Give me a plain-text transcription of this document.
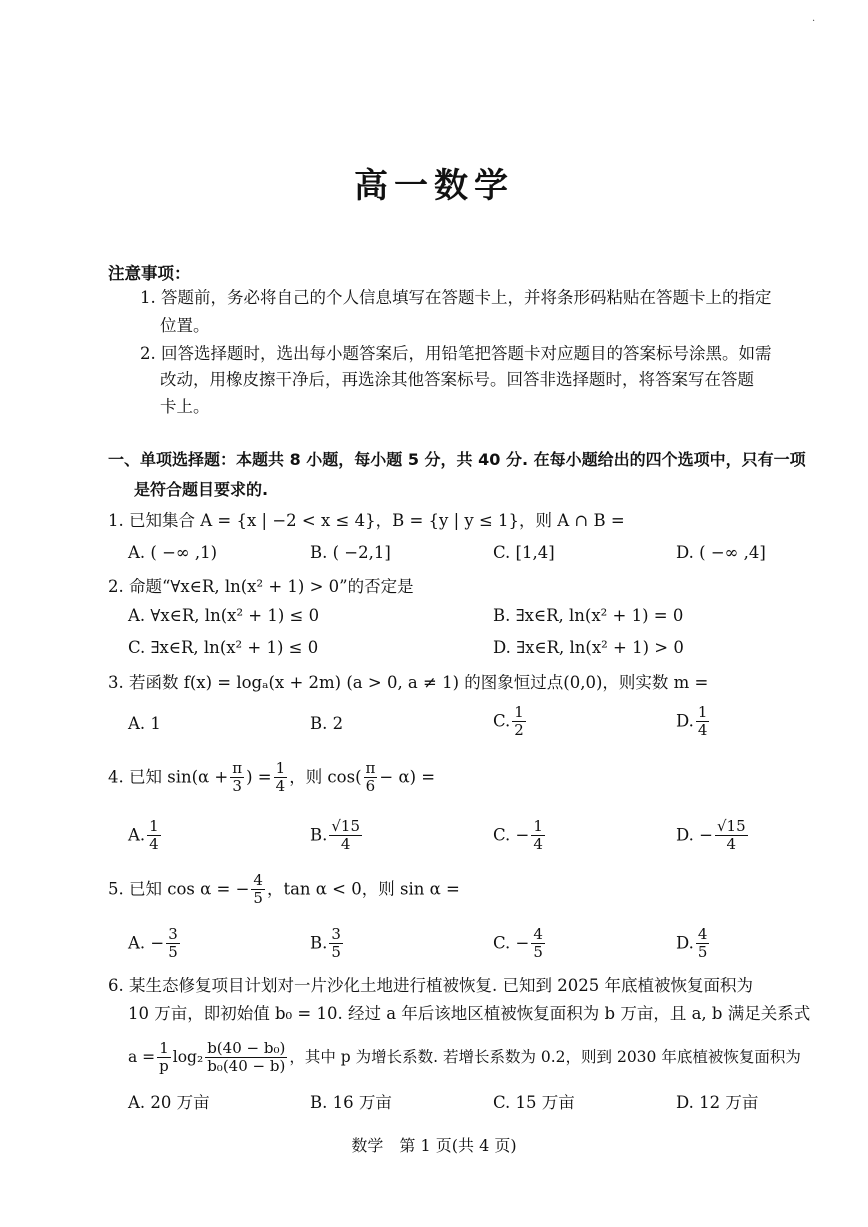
·
高一数学
注意事项：
1. 答题前，务必将自己的个人信息填写在答题卡上，并将条形码粘贴在答题卡上的指定
位置。
2. 回答选择题时，选出每小题答案后，用铅笔把答题卡对应题目的答案标号涂黑。如需
改动，用橡皮擦干净后，再选涂其他答案标号。回答非选择题时，将答案写在答题
卡上。
一、单项选择题：本题共 8 小题，每小题 5 分，共 40 分. 在每小题给出的四个选项中，只有一项
是符合题目要求的.
1. 已知集合 A = {x | −2 < x ≤ 4}，B = {y | y ≤ 1}，则 A ∩ B =
A. ( −∞ ,1)	B. ( −2,1]	C. [1,4]	D. ( −∞ ,4]
2. 命题“∀x∈R, ln(x² + 1) > 0”的否定是
A. ∀x∈R, ln(x² + 1) ≤ 0	B. ∃x∈R, ln(x² + 1) = 0
C. ∃x∈R, ln(x² + 1) ≤ 0	D. ∃x∈R, ln(x² + 1) > 0
3. 若函数 f(x) = logₐ(x + 2m) (a > 0, a ≠ 1) 的图象恒过点(0,0)，则实数 m =
A. 1	B. 2	C. $\frac{1}{2}$	D. $\frac{1}{4}$
4. 已知 $\sin(\alpha + \frac{\pi}{3}$ ) = $\frac{1}{4}$ ，则 $\cos( \frac{\pi}{6} - \alpha)$ =
A. $\frac{1}{4}$	B. $\frac{√15}{4}$	C. − $\frac{1}{4}$	D. − $\frac{√15}{4}$
5. 已知 cos α = − $\frac{4}{5}$ ，tan α < 0，则 sin α =
A. − $\frac{3}{5}$	B. $\frac{3}{5}$	C. − $\frac{4}{5}$	D. $\frac{4}{5}$
6. 某生态修复项目计划对一片沙化土地进行植被恢复. 已知到 2025 年底植被恢复面积为
10 万亩，即初始值 b₀ = 10. 经过 a 年后该地区植被恢复面积为 b 万亩，且 a, b 满足关系式
$a = \frac{1}{p} \log_2 \frac{\text{b(40 − b₀)}}{\text{b₀(40 − b)}}$ ，其中 p 为增长系数. 若增长系数为 0.2，则到 2030 年底植被恢复面积为
A. 20 万亩	B. 16 万亩	C. 15 万亩	D. 12 万亩
数学　第 1 页(共 4 页)
